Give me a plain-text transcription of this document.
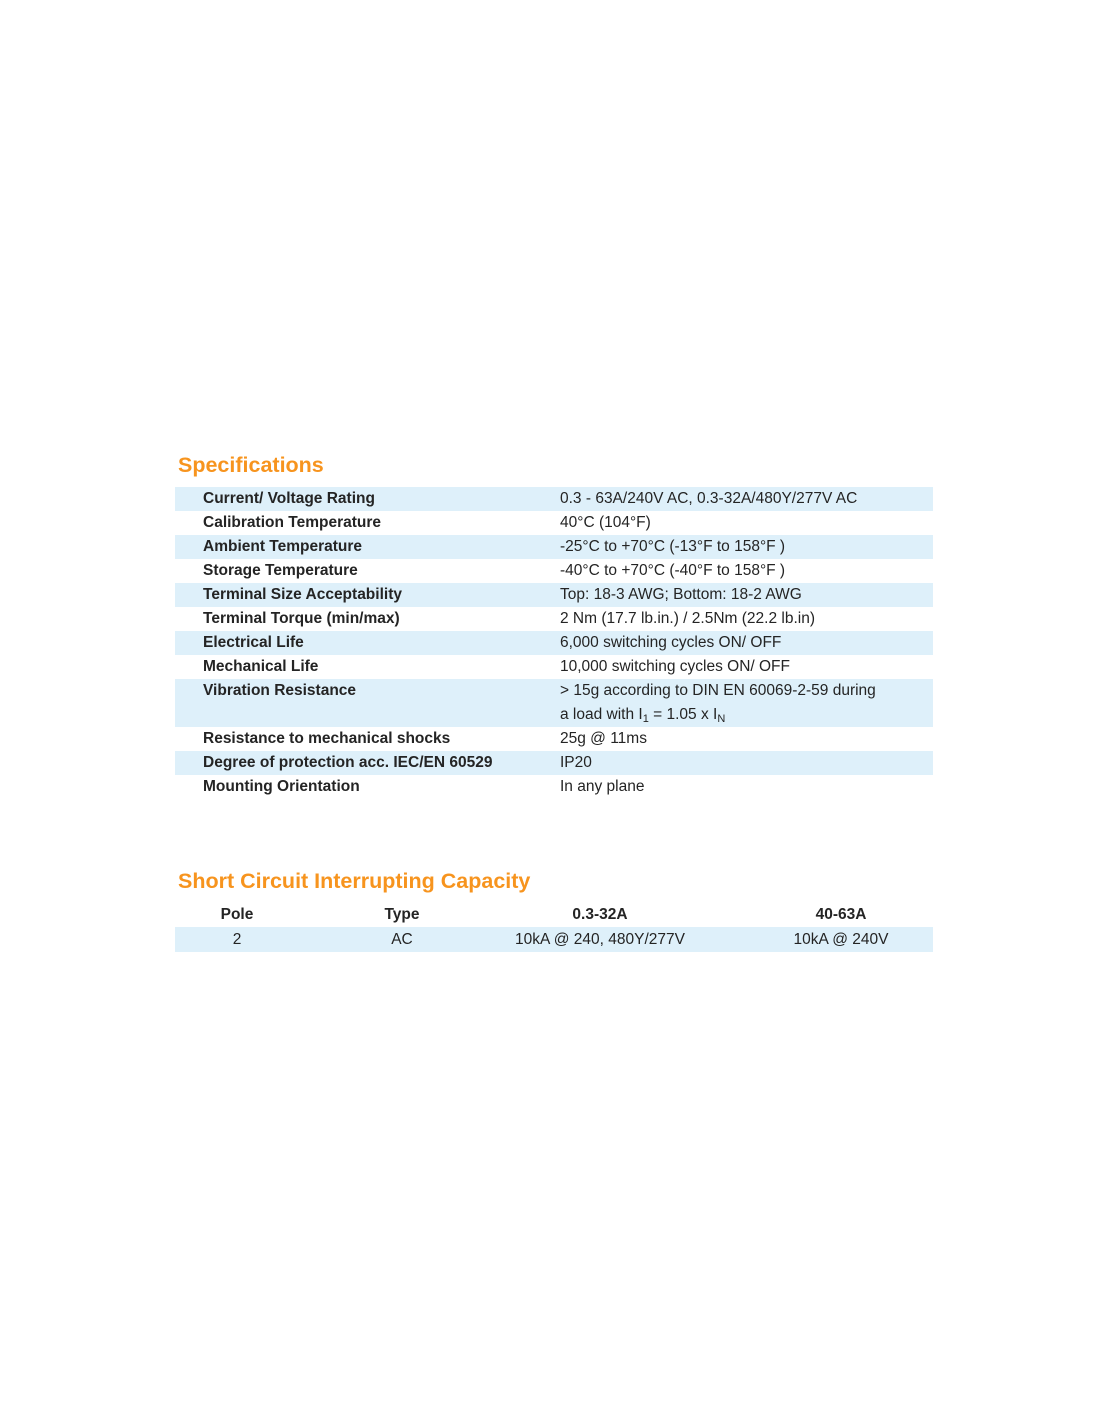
Specifications
Current/ Voltage Rating	0.3 - 63A/240V AC, 0.3-32A/480Y/277V AC
Calibration Temperature	40°C (104°F)
Ambient Temperature	-25°C to +70°C (-13°F to 158°F )
Storage Temperature	-40°C to +70°C (-40°F to 158°F )
Terminal Size Acceptability	Top: 18-3 AWG; Bottom: 18-2 AWG
Terminal Torque (min/max)	2 Nm (17.7 lb.in.) / 2.5Nm (22.2 lb.in)
Electrical Life	6,000 switching cycles ON/ OFF
Mechanical Life	10,000 switching cycles ON/ OFF
Vibration Resistance	> 15g according to DIN EN 60069-2-59 during
a load with $I_1 = 1.05$ x $I_N$
Resistance to mechanical shocks	25g @ 11ms
Degree of protection acc. IEC/EN 60529	IP20
Mounting Orientation	In any plane
Short Circuit Interrupting Capacity
Pole	Type	0.3-32A	40-63A
2	AC	10kA @ 240, 480Y/277V	10kA @ 240V
